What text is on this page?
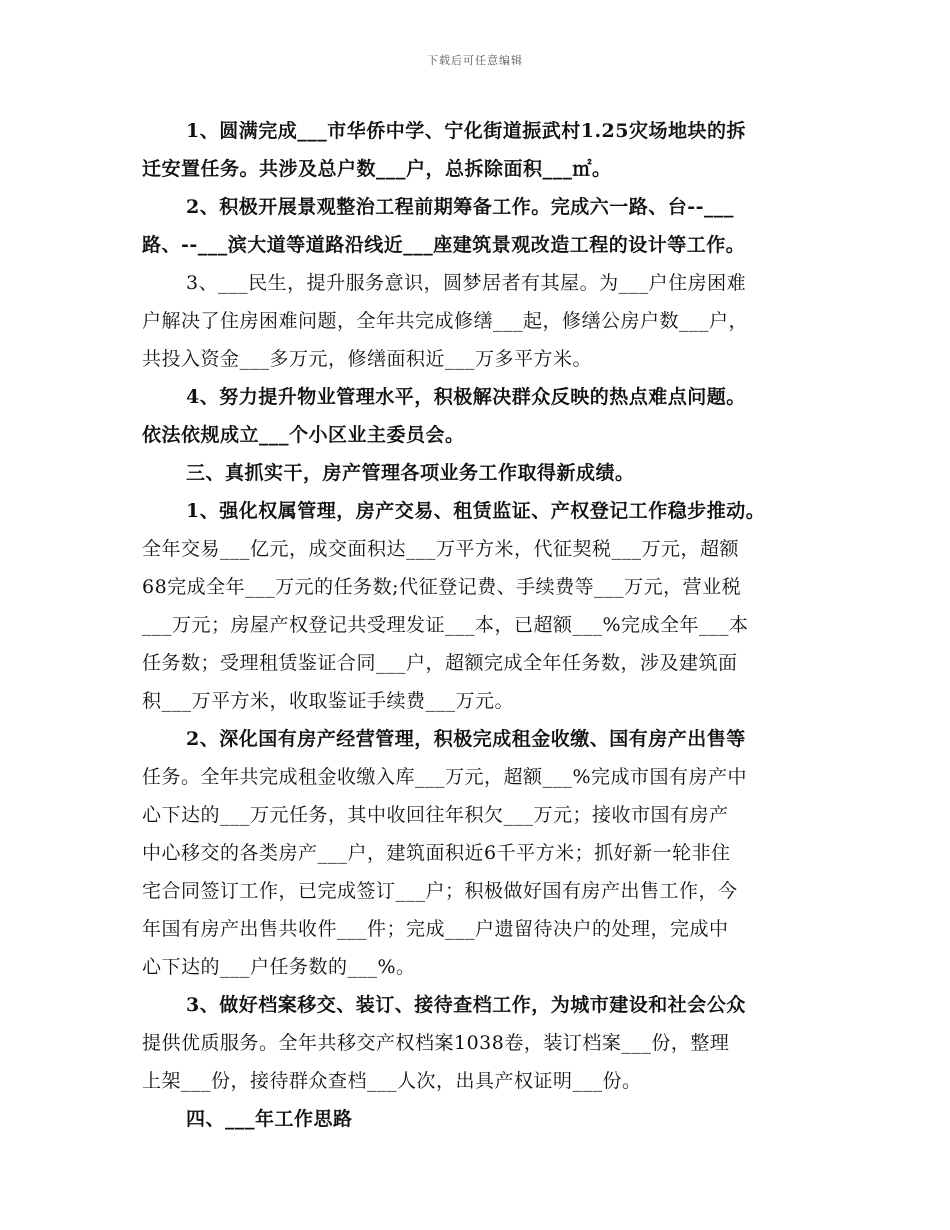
下载后可任意编辑
1、圆满完成___市华侨中学、宁化街道振武村1.25灾场地块的拆
迁安置任务。共涉及总户数___户，总拆除面积___㎡。
2、积极开展景观整治工程前期筹备工作。完成六一路、台--___
路、--___滨大道等道路沿线近___座建筑景观改造工程的设计等工作。
3、___民生，提升服务意识，圆梦居者有其屋。为___户住房困难
户解决了住房困难问题，全年共完成修缮___起，修缮公房户数___户，
共投入资金___多万元，修缮面积近___万多平方米。
4、努力提升物业管理水平，积极解决群众反映的热点难点问题。
依法依规成立___个小区业主委员会。
三、真抓实干，房产管理各项业务工作取得新成绩。
1、强化权属管理，房产交易、租赁监证、产权登记工作稳步推动。
全年交易___亿元，成交面积达___万平方米，代征契税___万元，超额
68完成全年___万元的任务数;代征登记费、手续费等___万元，营业税
___万元；房屋产权登记共受理发证___本，已超额___%完成全年___本
任务数；受理租赁鉴证合同___户，超额完成全年任务数，涉及建筑面
积___万平方米，收取鉴证手续费___万元。
2、深化国有房产经营管理，积极完成租金收缴、国有房产出售等
任务。全年共完成租金收缴入库___万元，超额___%完成市国有房产中
心下达的___万元任务，其中收回往年积欠___万元；接收市国有房产
中心移交的各类房产___户，建筑面积近6千平方米；抓好新一轮非住
宅合同签订工作，已完成签订___户；积极做好国有房产出售工作，今
年国有房产出售共收件___件；完成___户遗留待决户的处理，完成中
心下达的___户任务数的___%。
3、做好档案移交、装订、接待查档工作，为城市建设和社会公众
提供优质服务。全年共移交产权档案1038卷，装订档案___份，整理
上架___份，接待群众查档___人次，出具产权证明___份。
四、___年工作思路
